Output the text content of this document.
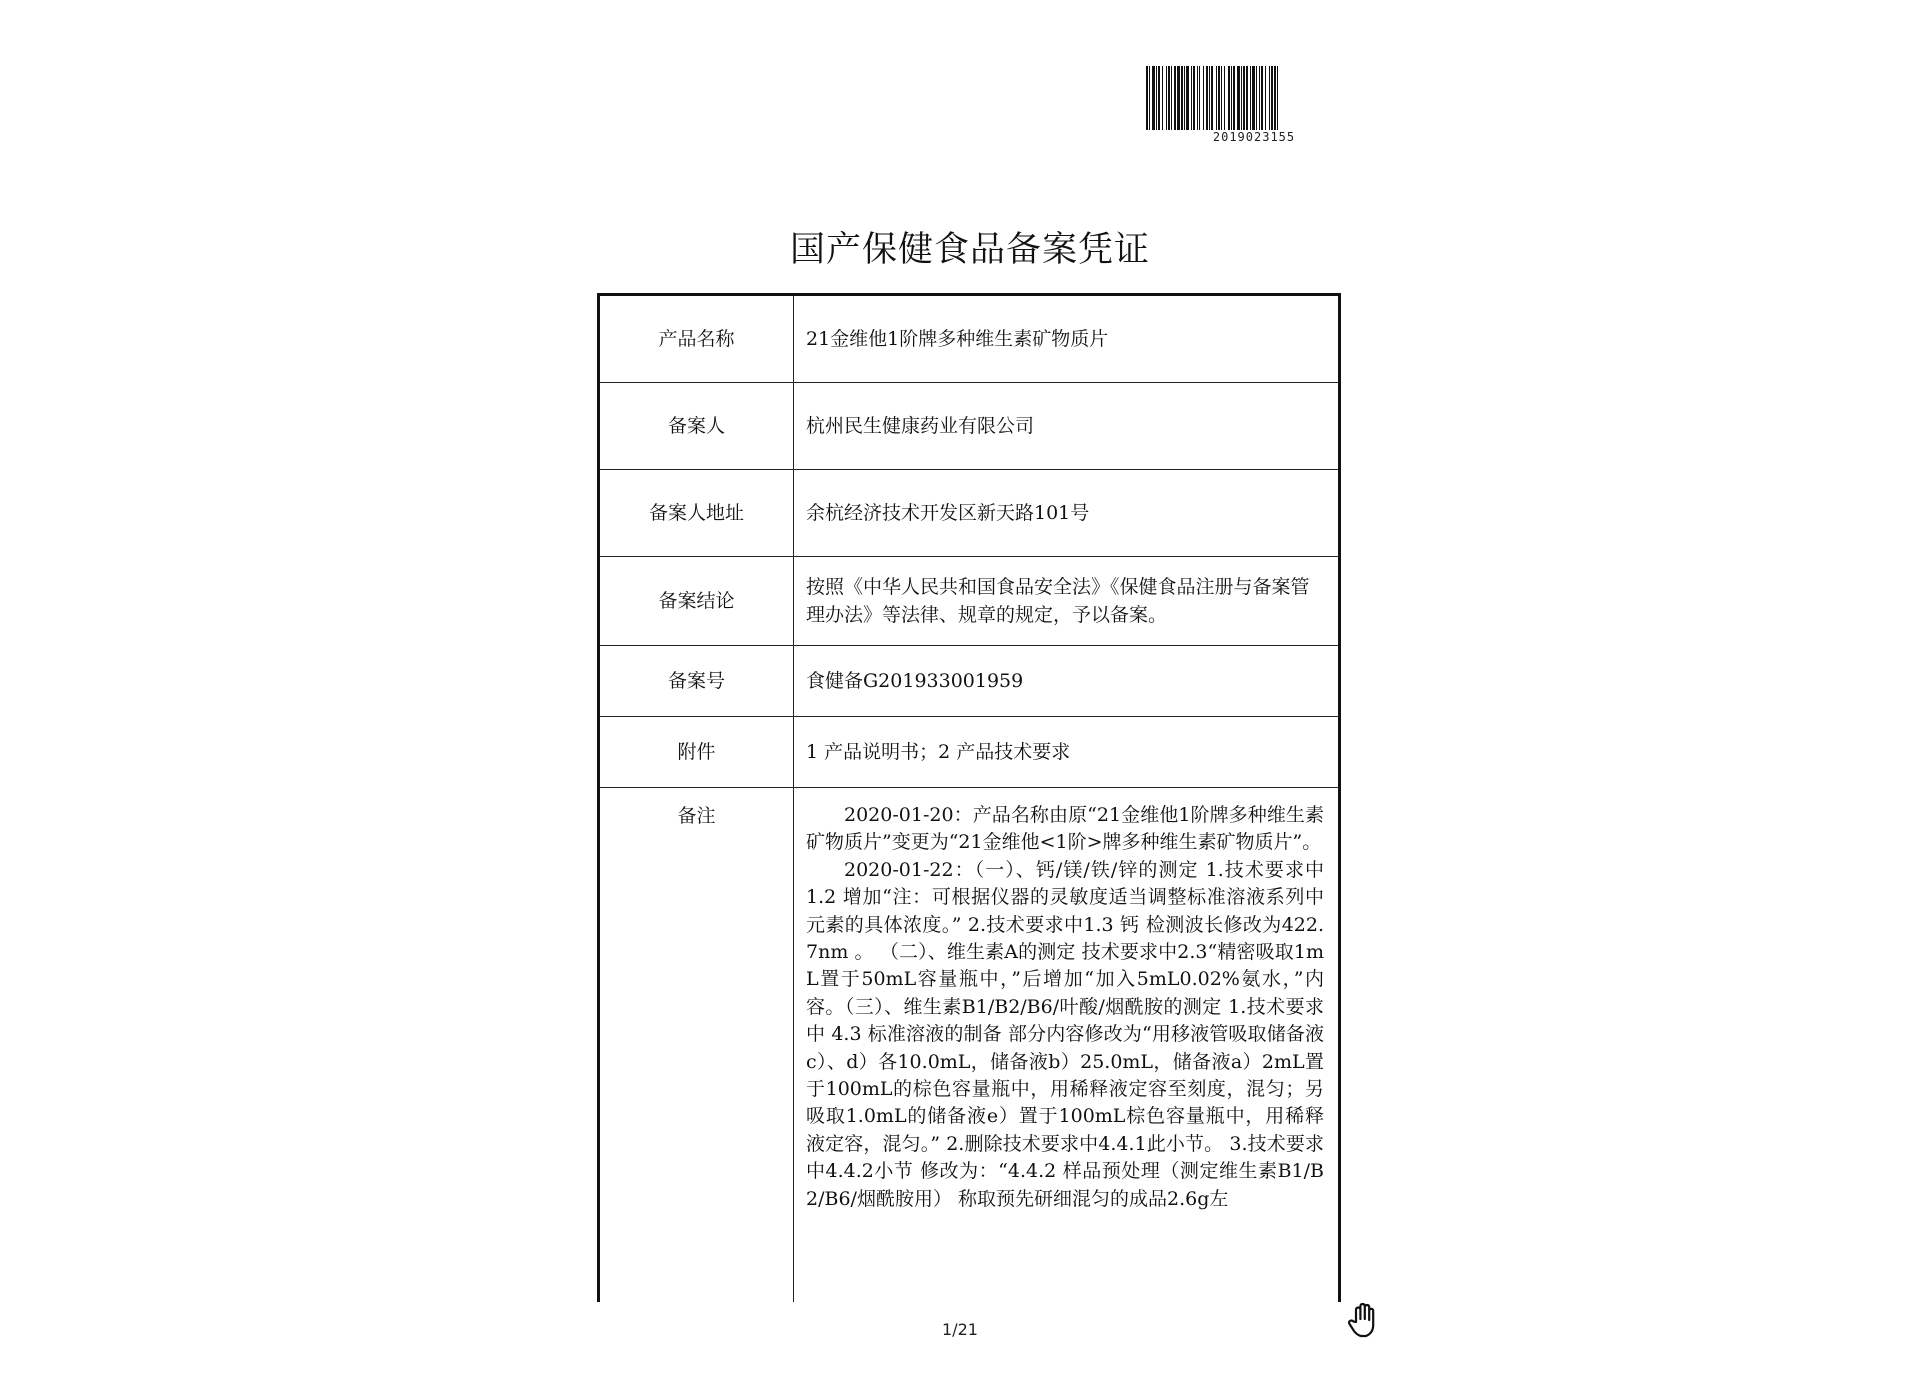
2019023155
国产保健食品备案凭证
产品名称	21金维他1阶牌多种维生素矿物质片
备案人	杭州民生健康药业有限公司
备案人地址	余杭经济技术开发区新天路101号
备案结论	按照《中华人民共和国食品安全法》《保健食品注册与备案管理办法》等法律、规章的规定，予以备案。
备案号	食健备G201933001959
附件	1 产品说明书；2 产品技术要求
备注	2020-01-20：产品名称由原“21金维他1阶牌多种维生素矿物质片”变更为“21金维他<1阶>牌多种维生素矿物质片”。

2020-01-22：（一）、钙/镁/铁/锌的测定 1.技术要求中 1.2 增加“注：可根据仪器的灵敏度适当调整标准溶液系列中元素的具体浓度。” 2.技术要求中1.3 钙 检测波长修改为422.7nm 。 （二）、维生素A的测定 技术要求中2.3“精密吸取1mL置于50mL容量瓶中，”后增加“加入5mL0.02%氨水，”内容。（三）、维生素B1/B2/B6/叶酸/烟酰胺的测定 1.技术要求中 4.3 标准溶液的制备 部分内容修改为“用移液管吸取储备液c）、d）各10.0mL，储备液b）25.0mL，储备液a）2mL置于100mL的棕色容量瓶中，用稀释液定容至刻度，混匀；另吸取1.0mL的储备液e）置于100mL棕色容量瓶中，用稀释液定容，混匀。” 2.删除技术要求中4.4.1此小节。 3.技术要求中4.4.2小节 修改为：“4.4.2 样品预处理（测定维生素B1/B2/B6/烟酰胺用） 称取预先研细混匀的成品2.6g左

1/21
